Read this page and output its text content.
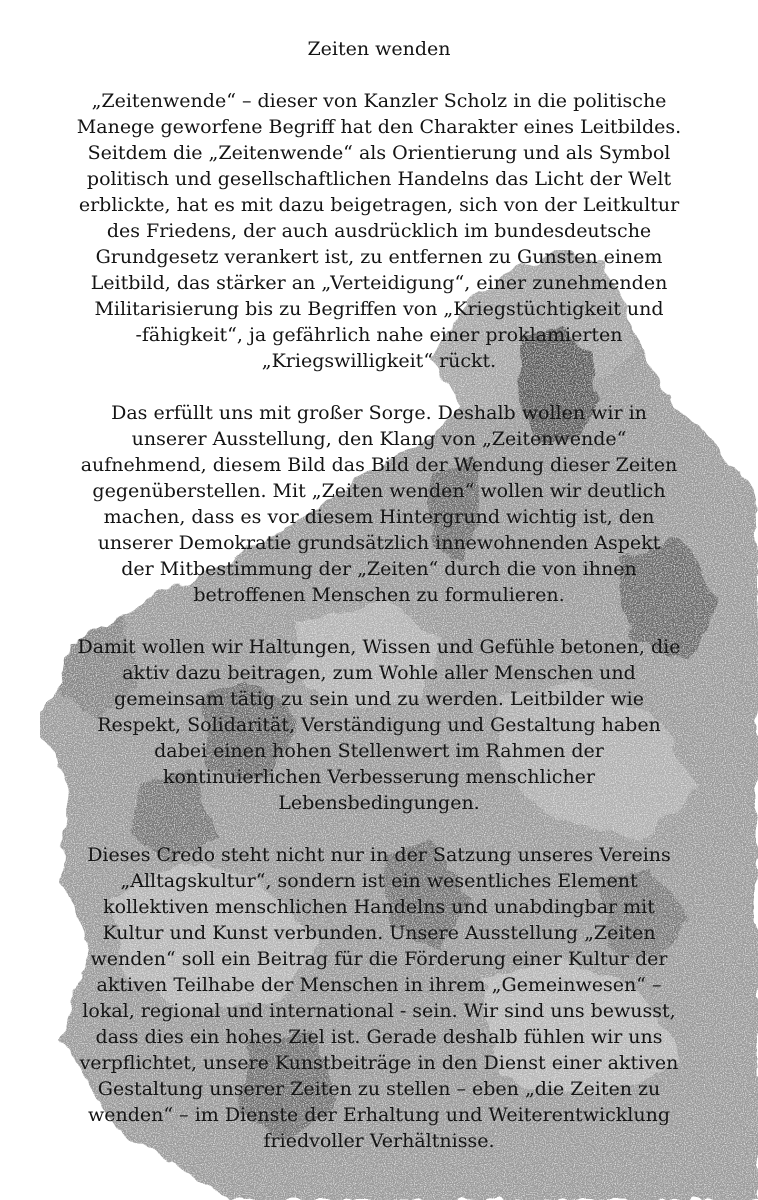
Zeiten wenden
„Zeitenwende“ – dieser von Kanzler Scholz in die politische
Manege geworfene Begriff hat den Charakter eines Leitbildes.
Seitdem die „Zeitenwende“ als Orientierung und als Symbol
politisch und gesellschaftlichen Handelns das Licht der Welt
erblickte, hat es mit dazu beigetragen, sich von der Leitkultur
des Friedens, der auch ausdrücklich im bundesdeutsche
Grundgesetz verankert ist, zu entfernen zu Gunsten einem
Leitbild, das stärker an „Verteidigung“, einer zunehmenden
Militarisierung bis zu Begriffen von „Kriegstüchtigkeit und
-fähigkeit“, ja gefährlich nahe einer proklamierten
„Kriegswilligkeit“ rückt.
Das erfüllt uns mit großer Sorge. Deshalb wollen wir in
unserer Ausstellung, den Klang von „Zeitenwende“
aufnehmend, diesem Bild das Bild der Wendung dieser Zeiten
gegenüberstellen. Mit „Zeiten wenden“ wollen wir deutlich
machen, dass es vor diesem Hintergrund wichtig ist, den
unserer Demokratie grundsätzlich innewohnenden Aspekt
der Mitbestimmung der „Zeiten“ durch die von ihnen
betroffenen Menschen zu formulieren.
Damit wollen wir Haltungen, Wissen und Gefühle betonen, die
aktiv dazu beitragen, zum Wohle aller Menschen und
gemeinsam tätig zu sein und zu werden. Leitbilder wie
Respekt, Solidarität, Verständigung und Gestaltung haben
dabei einen hohen Stellenwert im Rahmen der
kontinuierlichen Verbesserung menschlicher
Lebensbedingungen.
Dieses Credo steht nicht nur in der Satzung unseres Vereins
„Alltagskultur“, sondern ist ein wesentliches Element
kollektiven menschlichen Handelns und unabdingbar mit
Kultur und Kunst verbunden. Unsere Ausstellung „Zeiten
wenden“ soll ein Beitrag für die Förderung einer Kultur der
aktiven Teilhabe der Menschen in ihrem „Gemeinwesen“ –
lokal, regional und international - sein. Wir sind uns bewusst,
dass dies ein hohes Ziel ist. Gerade deshalb fühlen wir uns
verpflichtet, unsere Kunstbeiträge in den Dienst einer aktiven
Gestaltung unserer Zeiten zu stellen – eben „die Zeiten zu
wenden“ – im Dienste der Erhaltung und Weiterentwicklung
friedvoller Verhältnisse.
